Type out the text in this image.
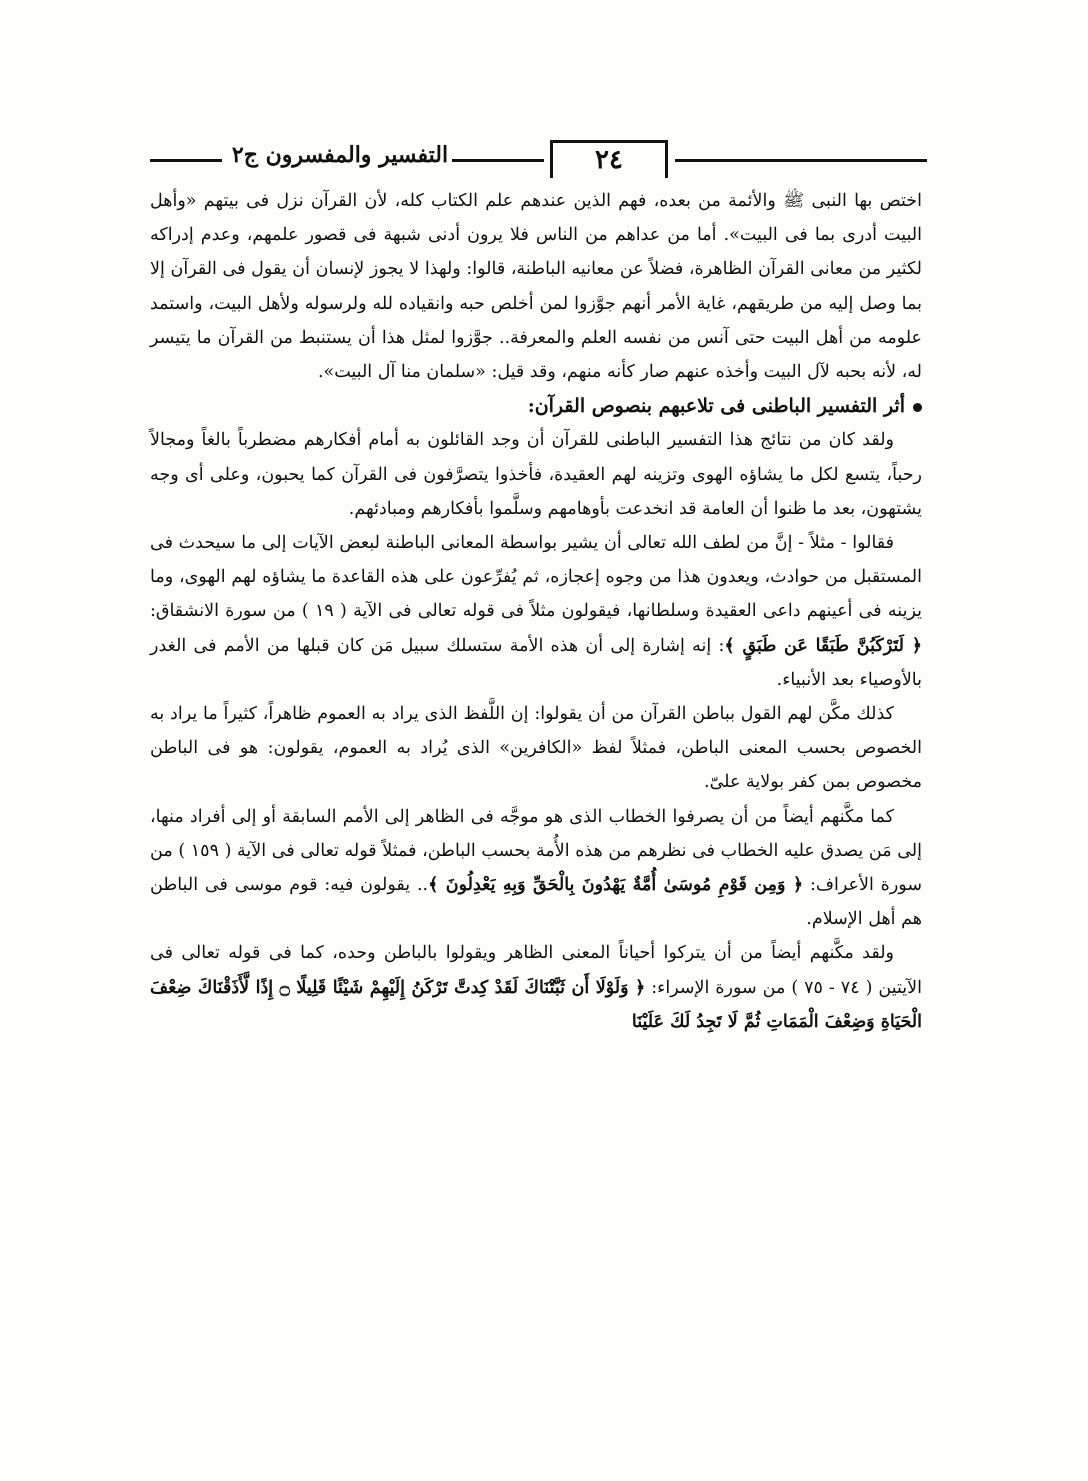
التفسير والمفسرون ج٢	٢٤

اختص بها النبى ﷺ والأئمة من بعده، فهم الذين عندهم علم الكتاب كله، لأن القرآن نزل فى بيتهم «وأهل البيت أدرى بما فى البيت». أما من عداهم من الناس فلا يرون أدنى شبهة فى قصور علمهم، وعدم إدراكه لكثير من معانى القرآن الظاهرة، فضلاً عن معانيه الباطنة، قالوا: ولهذا لا يجوز لإنسان أن يقول فى القرآن إلا بما وصل إليه من طريقهم، غاية الأمر أنهم جوَّزوا لمن أخلص حبه وانقياده لله ولرسوله ولأهل البيت، واستمد علومه من أهل البيت حتى آنس من نفسه العلم والمعرفة.. جوَّزوا لمثل هذا أن يستنبط من القرآن ما يتيسر له، لأنه بحبه لآل البيت وأخذه عنهم صار كأنه منهم، وقد قيل: «سلمان منا آل البيت».

أثر التفسير الباطنى فى تلاعبهم بنصوص القرآن:

ولقد كان من نتائج هذا التفسير الباطنى للقرآن أن وجد القائلون به أمام أفكارهم مضطرباً بالغاً ومجالاً رحباً، يتسع لكل ما يشاؤه الهوى وتزينه لهم العقيدة، فأخذوا يتصرَّفون فى القرآن كما يحبون، وعلى أى وجه يشتهون، بعد ما ظنوا أن العامة قد انخدعت بأوهامهم وسلَّموا بأفكارهم ومبادئهم.

فقالوا - مثلاً - إنَّ من لطف الله تعالى أن يشير بواسطة المعانى الباطنة لبعض الآيات إلى ما سيحدث فى المستقبل من حوادث، ويعدون هذا من وجوه إعجازه، ثم يُفرِّعون على هذه القاعدة ما يشاؤه لهم الهوى، وما يزينه فى أعينهم داعى العقيدة وسلطانها، فيقولون مثلاً فى قوله تعالى فى الآية ( ١٩ ) من سورة الانشقاق: ﴿ لَتَرْكَبُنَّ طَبَقًا عَن طَبَقٍ ﴾: إنه إشارة إلى أن هذه الأمة ستسلك سبيل مَن كان قبلها من الأمم فى الغدر بالأوصياء بعد الأنبياء.

كذلك مكَّن لهم القول بباطن القرآن من أن يقولوا: إن اللَّفظ الذى يراد به العموم ظاهراً، كثيراً ما يراد به الخصوص بحسب المعنى الباطن، فمثلاً لفظ «الكافرين» الذى يُراد به العموم، يقولون: هو فى الباطن مخصوص بمن كفر بولاية علىّ.

كما مكَّنهم أيضاً من أن يصرفوا الخطاب الذى هو موجَّه فى الظاهر إلى الأمم السابقة أو إلى أفراد منها، إلى مَن يصدق عليه الخطاب فى نظرهم من هذه الأُمة بحسب الباطن، فمثلاً قوله تعالى فى الآية ( ١٥٩ ) من سورة الأعراف: ﴿ وَمِن قَوْمِ مُوسَىٰ أُمَّةٌ يَهْدُونَ بِالْحَقِّ وَبِهِ يَعْدِلُونَ ﴾.. يقولون فيه: قوم موسى فى الباطن هم أهل الإسلام.

ولقد مكَّنهم أيضاً من أن يتركوا أحياناً المعنى الظاهر ويقولوا بالباطن وحده، كما فى قوله تعالى فى الآيتين ( ٧٤ - ٧٥ ) من سورة الإسراء: ﴿ وَلَوْلَا أَن ثَبَّتْنَاكَ لَقَدْ كِدتَّ تَرْكَنُ إِلَيْهِمْ شَيْئًا قَلِيلًا ۝ إِذًا لَّأَذَقْنَاكَ ضِعْفَ الْحَيَاةِ وَضِعْفَ الْمَمَاتِ ثُمَّ لَا تَجِدُ لَكَ عَلَيْنَا
